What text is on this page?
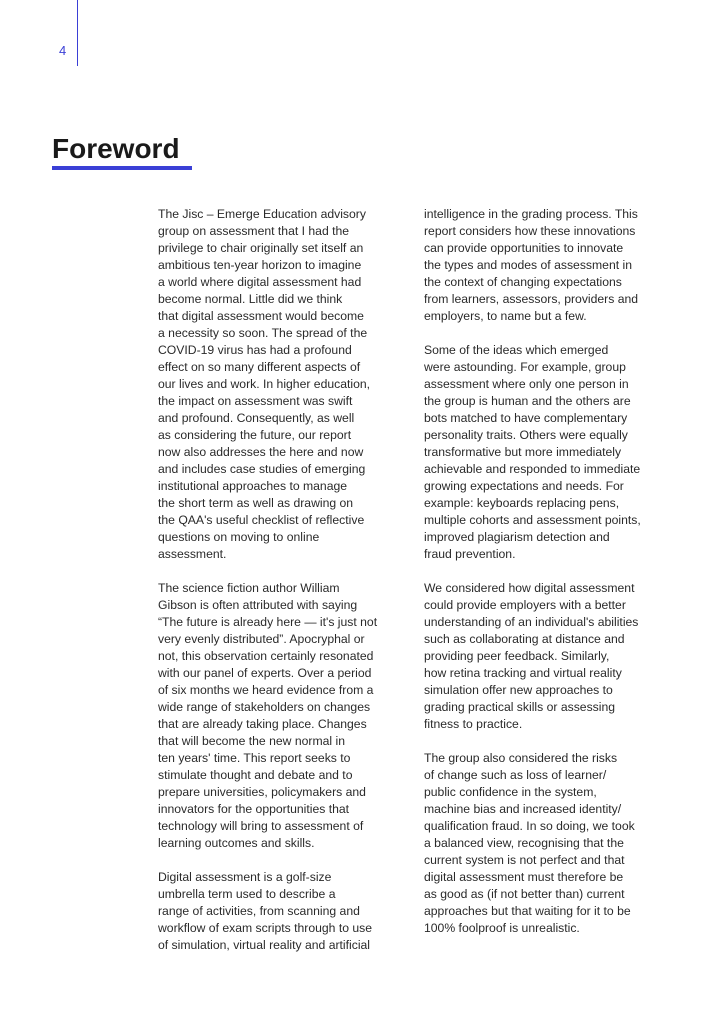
4
Foreword
The Jisc – Emerge Education advisory
group on assessment that I had the
privilege to chair originally set itself an
ambitious ten-year horizon to imagine
a world where digital assessment had
become normal. Little did we think
that digital assessment would become
a necessity so soon. The spread of the
COVID-19 virus has had a profound
effect on so many different aspects of
our lives and work. In higher education,
the impact on assessment was swift
and profound. Consequently, as well
as considering the future, our report
now also addresses the here and now
and includes case studies of emerging
institutional approaches to manage
the short term as well as drawing on
the QAA's useful checklist of reflective
questions on moving to online
assessment.
The science fiction author William
Gibson is often attributed with saying
“The future is already here — it's just not
very evenly distributed”. Apocryphal or
not, this observation certainly resonated
with our panel of experts. Over a period
of six months we heard evidence from a
wide range of stakeholders on changes
that are already taking place. Changes
that will become the new normal in
ten years' time. This report seeks to
stimulate thought and debate and to
prepare universities, policymakers and
innovators for the opportunities that
technology will bring to assessment of
learning outcomes and skills.
Digital assessment is a golf-size
umbrella term used to describe a
range of activities, from scanning and
workflow of exam scripts through to use
of simulation, virtual reality and artificial
intelligence in the grading process. This
report considers how these innovations
can provide opportunities to innovate
the types and modes of assessment in
the context of changing expectations
from learners, assessors, providers and
employers, to name but a few.
Some of the ideas which emerged
were astounding. For example, group
assessment where only one person in
the group is human and the others are
bots matched to have complementary
personality traits. Others were equally
transformative but more immediately
achievable and responded to immediate
growing expectations and needs. For
example: keyboards replacing pens,
multiple cohorts and assessment points,
improved plagiarism detection and
fraud prevention.
We considered how digital assessment
could provide employers with a better
understanding of an individual's abilities
such as collaborating at distance and
providing peer feedback. Similarly,
how retina tracking and virtual reality
simulation offer new approaches to
grading practical skills or assessing
fitness to practice.
The group also considered the risks
of change such as loss of learner/
public confidence in the system,
machine bias and increased identity/
qualification fraud. In so doing, we took
a balanced view, recognising that the
current system is not perfect and that
digital assessment must therefore be
as good as (if not better than) current
approaches but that waiting for it to be
100% foolproof is unrealistic.
